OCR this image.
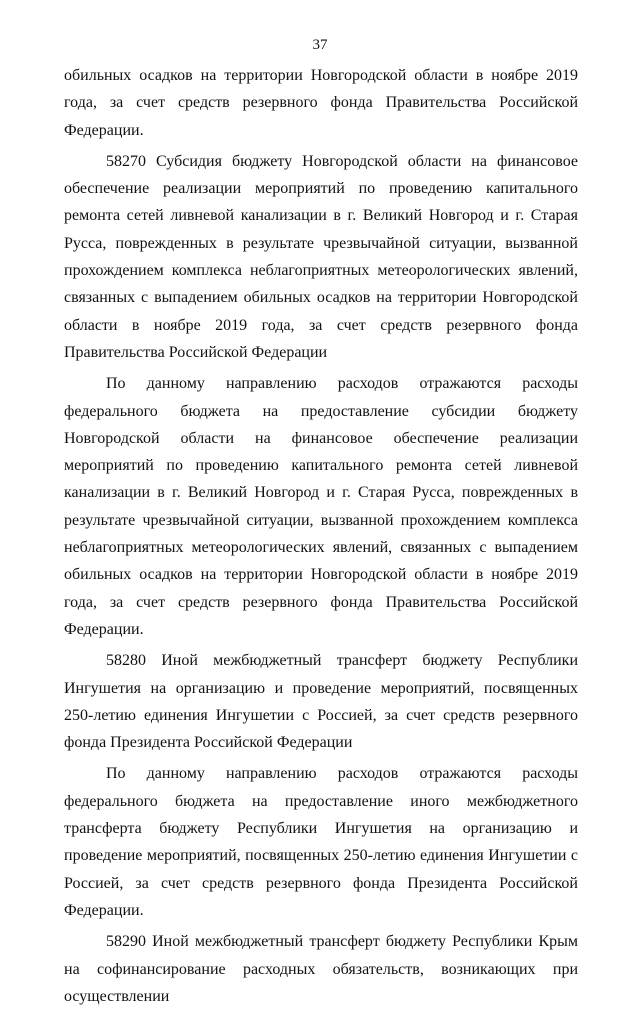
37

обильных осадков на территории Новгородской области в ноябре 2019 года, за счет средств резервного фонда Правительства Российской Федерации.

58270 Субсидия бюджету Новгородской области на финансовое обеспечение реализации мероприятий по проведению капитального ремонта сетей ливневой канализации в г. Великий Новгород и г. Старая Русса, поврежденных в результате чрезвычайной ситуации, вызванной прохождением комплекса неблагоприятных метеорологических явлений, связанных с выпадением обильных осадков на территории Новгородской области в ноябре 2019 года, за счет средств резервного фонда Правительства Российской Федерации

По данному направлению расходов отражаются расходы федерального бюджета на предоставление субсидии бюджету Новгородской области на финансовое обеспечение реализации мероприятий по проведению капитального ремонта сетей ливневой канализации в г. Великий Новгород и г. Старая Русса, поврежденных в результате чрезвычайной ситуации, вызванной прохождением комплекса неблагоприятных метеорологических явлений, связанных с выпадением обильных осадков на территории Новгородской области в ноябре 2019 года, за счет средств резервного фонда Правительства Российской Федерации.

58280 Иной межбюджетный трансферт бюджету Республики Ингушетия на организацию и проведение мероприятий, посвященных 250-летию единения Ингушетии с Россией, за счет средств резервного фонда Президента Российской Федерации

По данному направлению расходов отражаются расходы федерального бюджета на предоставление иного межбюджетного трансферта бюджету Республики Ингушетия на организацию и проведение мероприятий, посвященных 250-летию единения Ингушетии с Россией, за счет средств резервного фонда Президента Российской Федерации.

58290 Иной межбюджетный трансферт бюджету Республики Крым на софинансирование расходных обязательств, возникающих при осуществлении
